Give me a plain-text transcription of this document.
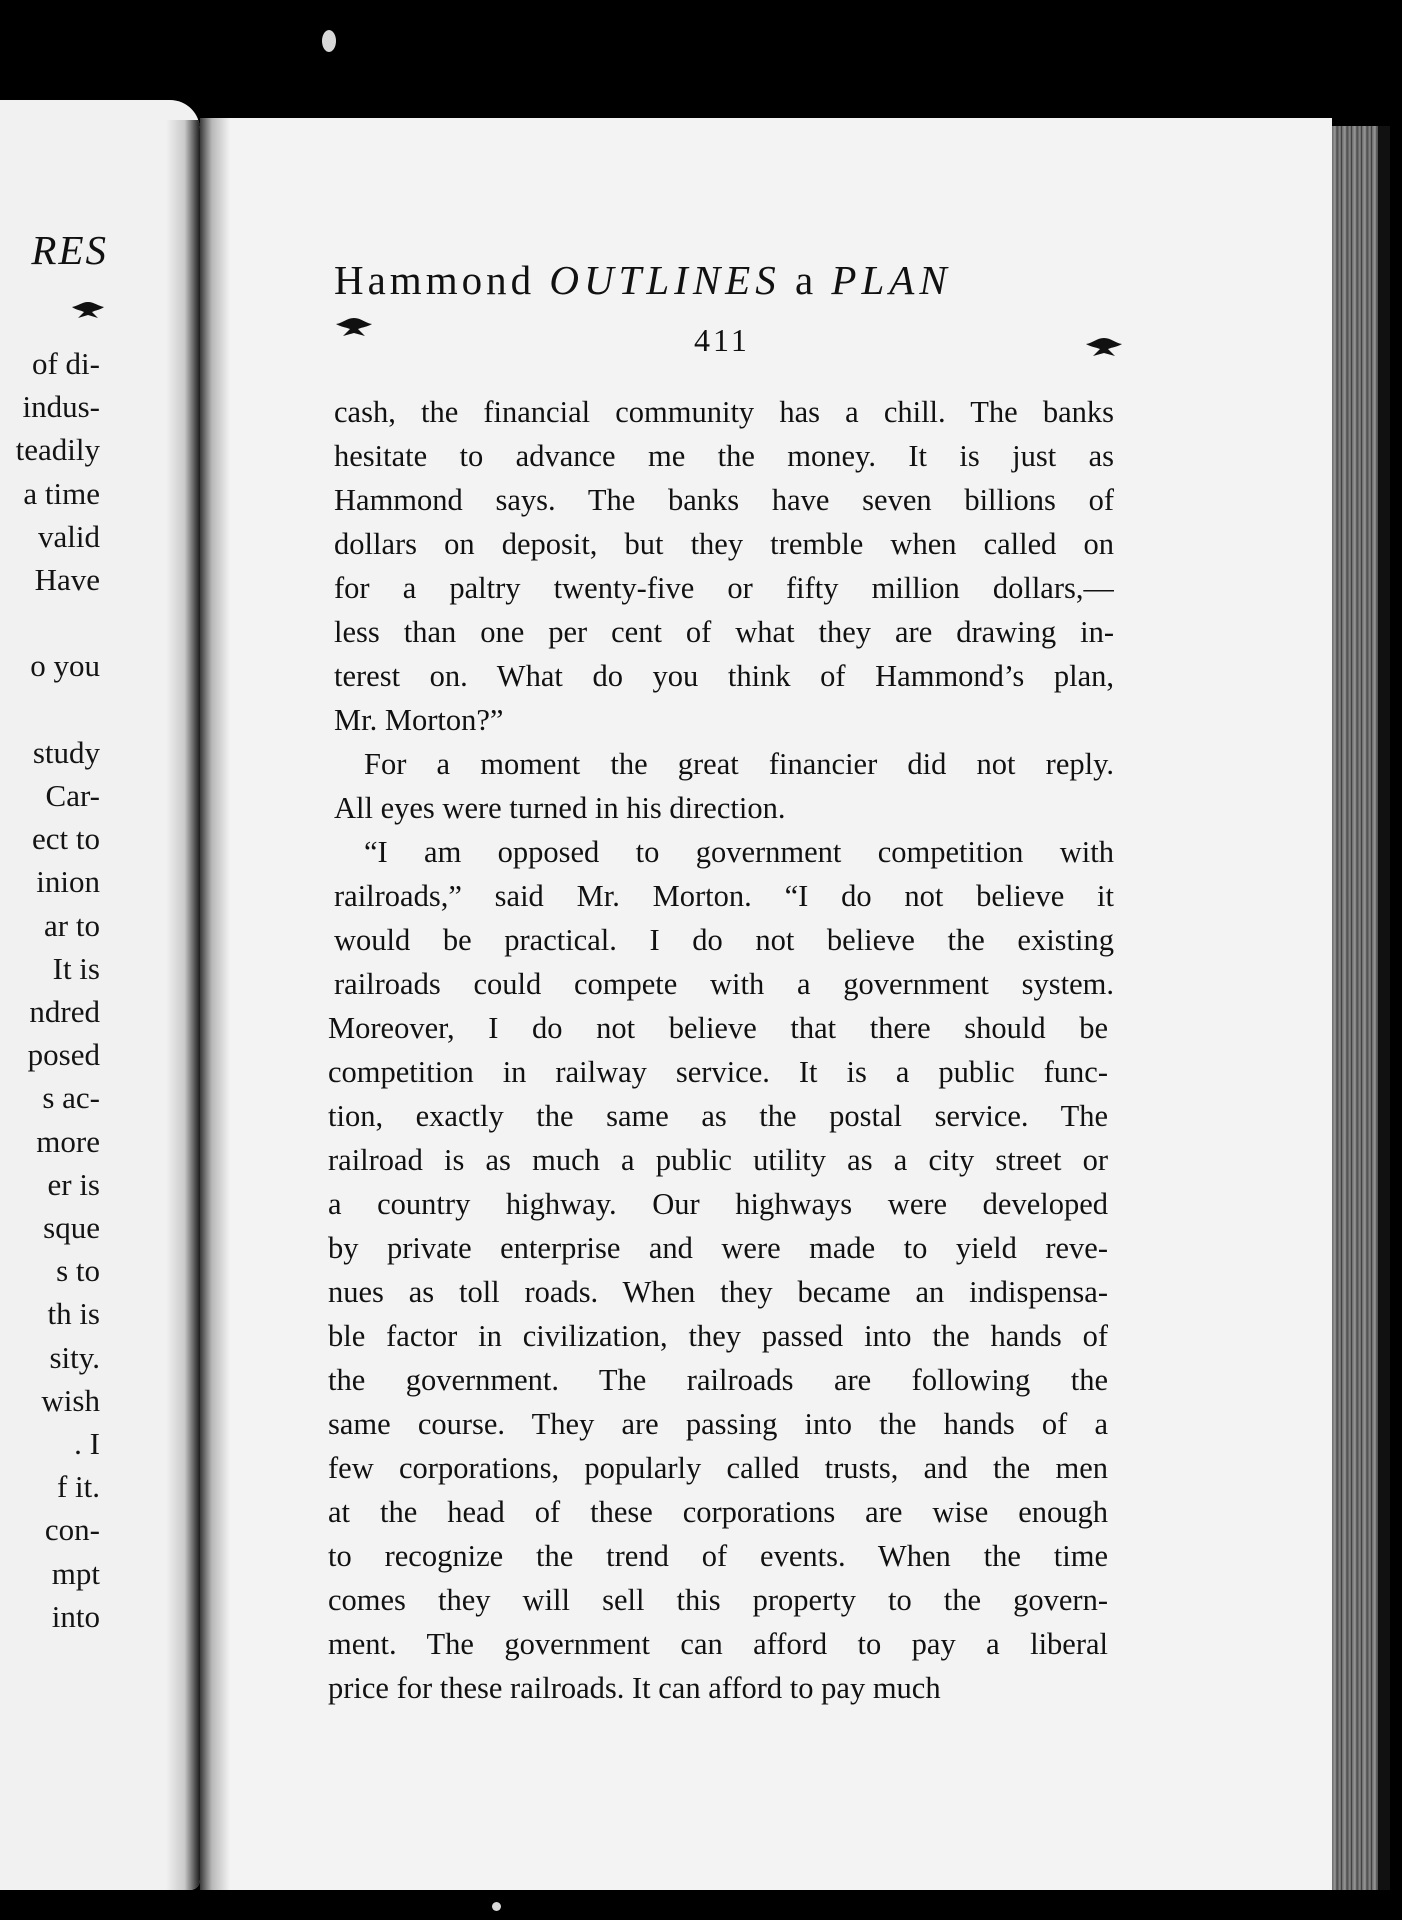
RES
of di-
indus-
teadily
a time
valid
Have
o you
study
Car-
ect to
inion
ar to
It is
ndred
posed
s ac-
more
er is
sque
s to
th is
sity.
wish
. I
f it.
con-
mpt
into
Hammond OUTLINES a PLAN
411
cash, the financial community has a chill. The banks
hesitate to advance me the money. It is just as
Hammond says. The banks have seven billions of
dollars on deposit, but they tremble when called on
for a paltry twenty-five or fifty million dollars,—
less than one per cent of what they are drawing in-
terest on. What do you think of Hammond’s plan,
Mr. Morton?”
For a moment the great financier did not reply.
All eyes were turned in his direction.
“I am opposed to government competition with
railroads,” said Mr. Morton. “I do not believe it
would be practical. I do not believe the existing
railroads could compete with a government system.
Moreover, I do not believe that there should be
competition in railway service. It is a public func-
tion, exactly the same as the postal service. The
railroad is as much a public utility as a city street or
a country highway. Our highways were developed
by private enterprise and were made to yield reve-
nues as toll roads. When they became an indispensa-
ble factor in civilization, they passed into the hands of
the government. The railroads are following the
same course. They are passing into the hands of a
few corporations, popularly called trusts, and the men
at the head of these corporations are wise enough
to recognize the trend of events. When the time
comes they will sell this property to the govern-
ment. The government can afford to pay a liberal
price for these railroads. It can afford to pay much
